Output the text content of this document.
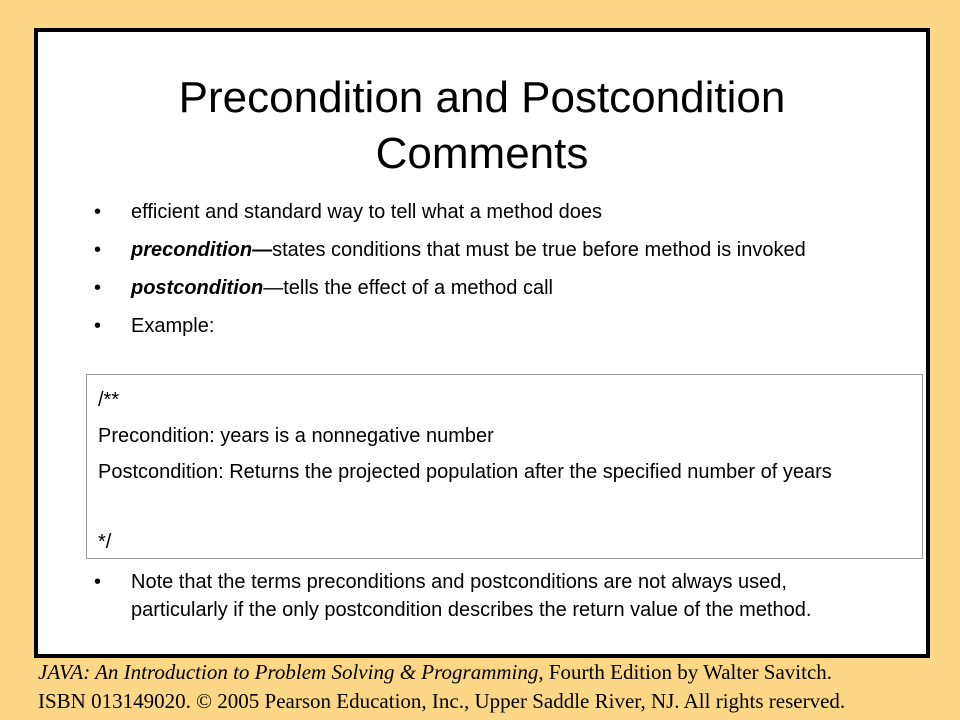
Precondition and Postcondition
Comments
• efficient and standard way to tell what a method does
• precondition—states conditions that must be true before method is invoked
• postcondition—tells the effect of a method call
• Example:
/**
Precondition: years is a nonnegative number
Postcondition: Returns the projected population after the specified number of years
*/
• Note that the terms preconditions and postconditions are not always used, particularly if the only postcondition describes the return value of the method.
JAVA: An Introduction to Problem Solving & Programming, Fourth Edition by Walter Savitch.
ISBN 013149020. © 2005 Pearson Education, Inc., Upper Saddle River, NJ. All rights reserved.
